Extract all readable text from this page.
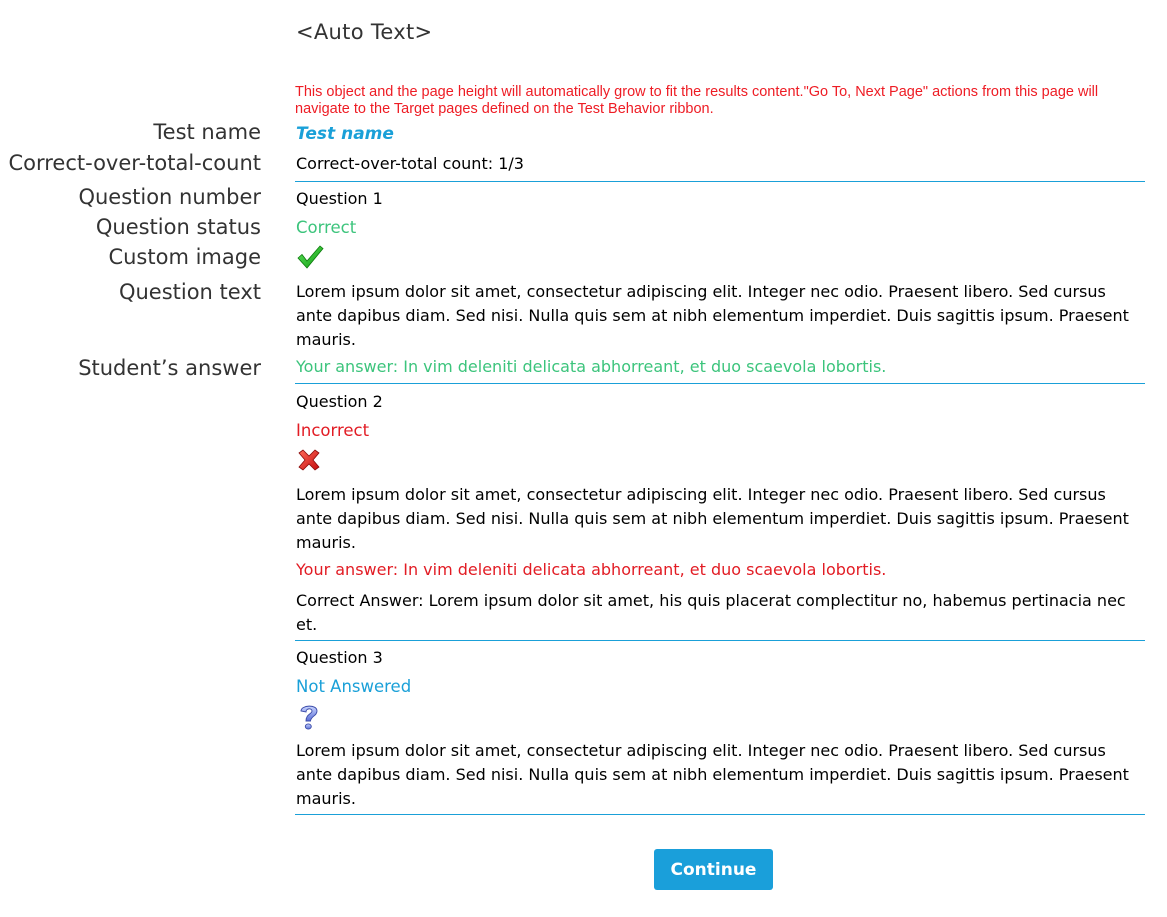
<Auto Text>
This object and the page height will automatically grow to fit the results content."Go To, Next Page" actions from this page will navigate to the Target pages defined on the Test Behavior ribbon.
Test name
Correct-over-total-count
Question number
Question status
Custom image
Question text
Student’s answer
Test name
Correct-over-total count: 1/3
Question 1
Correct
Lorem ipsum dolor sit amet, consectetur adipiscing elit. Integer nec odio. Praesent libero. Sed cursus ante dapibus diam. Sed nisi. Nulla quis sem at nibh elementum imperdiet. Duis sagittis ipsum. Praesent mauris.
Your answer: In vim deleniti delicata abhorreant, et duo scaevola lobortis.
Question 2
Incorrect
Lorem ipsum dolor sit amet, consectetur adipiscing elit. Integer nec odio. Praesent libero. Sed cursus ante dapibus diam. Sed nisi. Nulla quis sem at nibh elementum imperdiet. Duis sagittis ipsum. Praesent mauris.
Your answer: In vim deleniti delicata abhorreant, et duo scaevola lobortis.
Correct Answer: Lorem ipsum dolor sit amet, his quis placerat complectitur no, habemus pertinacia nec et.
Question 3
Not Answered
Lorem ipsum dolor sit amet, consectetur adipiscing elit. Integer nec odio. Praesent libero. Sed cursus ante dapibus diam. Sed nisi. Nulla quis sem at nibh elementum imperdiet. Duis sagittis ipsum. Praesent mauris.
Continue
